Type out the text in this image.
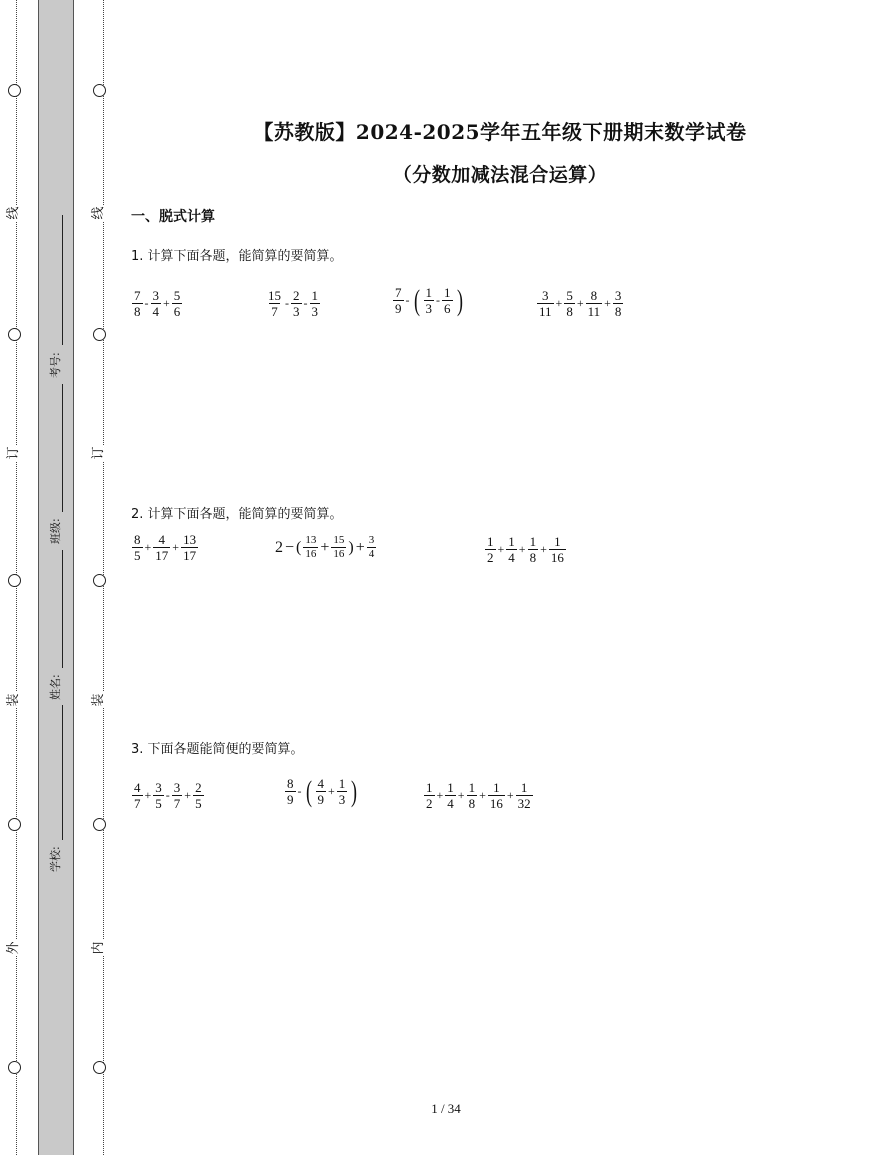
线
订
装
外
线
订
装
内
考号:
班级:
姓名:
学校:
【苏教版】2024-2025学年五年级下册期末数学试卷
（分数加减法混合运算）
一、脱式计算
1. 计算下面各题，能简算的要简算。
2. 计算下面各题，能简算的要简算。
3. 下面各题能简便的要简算。
$\frac{7}{8} - \frac{3}{4} + \frac{5}{6}$	$\frac{15}{7} - \frac{2}{3} - \frac{1}{3}$	$\frac{7}{9}$ - ( $\frac{1}{3} - \frac{1}{6}$ )	$\frac{3}{11} + \frac{5}{8} + \frac{8}{11} + \frac{3}{8}$
$\frac{8}{5} + \frac{4}{17} + \frac{13}{17}$	2 − ( $\frac{13}{16} + \frac{15}{16}$ ) + $\frac{3}{4}$	$\frac{1}{2} + \frac{1}{4} + \frac{1}{8} + \frac{1}{16}$
$\frac{4}{7} + \frac{3}{5} - \frac{3}{7} + \frac{2}{5}$	$\frac{8}{9}$ - ( $\frac{4}{9} + \frac{1}{3}$ )	$\frac{1}{2} + \frac{1}{4} + \frac{1}{8} + \frac{1}{16} + \frac{1}{32}$
1 / 34
